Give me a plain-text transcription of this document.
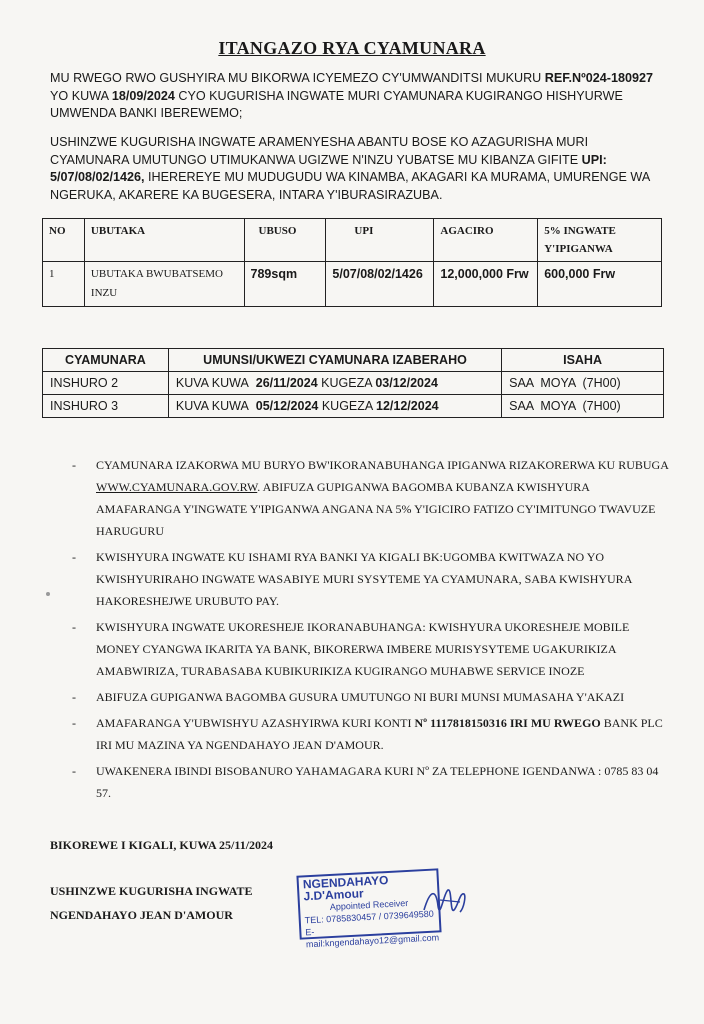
ITANGAZO RYA CYAMUNARA
MU RWEGO RWO GUSHYIRA MU BIKORWA ICYEMEZO CY'UMWANDITSI MUKURU REF.Nº024-180927 YO KUWA 18/09/2024 CYO KUGURISHA INGWATE MURI CYAMUNARA KUGIRANGO HISHYURWE UMWENDA BANKI IBEREWEMO;
USHINZWE KUGURISHA INGWATE ARAMENYESHA ABANTU BOSE KO AZAGURISHA MURI CYAMUNARA UMUTUNGO UTIMUKANWA UGIZWE N'INZU YUBATSE MU KIBANZA GIFITE UPI: 5/07/08/02/1426, IHEREREYE MU MUDUGUDU WA KINAMBA, AKAGARI KA MURAMA, UMURENGE WA NGERUKA, AKARERE KA BUGESERA, INTARA Y'IBURASIRAZUBA.
NO	UBUTAKA	UBUSO	UPI	AGACIRO	5% INGWATE Y'IPIGANWA
1	UBUTAKA BWUBATSEMO INZU	789sqm	5/07/08/02/1426	12,000,000 Frw	600,000 Frw
CYAMUNARA	UMUNSI/UKWEZI CYAMUNARA IZABERAHO	ISAHA
INSHURO 2	KUVA KUWA 26/11/2024 KUGEZA 03/12/2024	SAA  MOYA  (7H00)
INSHURO 3	KUVA KUWA 05/12/2024 KUGEZA 12/12/2024	SAA  MOYA  (7H00)
- CYAMUNARA IZAKORWA MU BURYO BW'IKORANABUHANGA IPIGANWA RIZAKORERWA KU RUBUGA WWW.CYAMUNARA.GOV.RW. ABIFUZA GUPIGANWA BAGOMBA KUBANZA KWISHYURA AMAFARANGA Y'INGWATE Y'IPIGANWA ANGANA NA 5% Y'IGICIRO FATIZO CY'IMITUNGO TWAVUZE HARUGURU
- KWISHYURA INGWATE KU ISHAMI RYA BANKI YA KIGALI BK:UGOMBA KWITWAZA NO YO KWISHYURIRAHO INGWATE WASABIYE MURI SYSYTEME YA CYAMUNARA, SABA KWISHYURA HAKORESHEJWE URUBUTO PAY.
- KWISHYURA INGWATE UKORESHEJE IKORANABUHANGA: KWISHYURA UKORESHEJE MOBILE MONEY CYANGWA IKARITA YA BANK, BIKORERWA IMBERE MURISYSYTEME UGAKURIKIZA AMABWIRIZA, TURABASABA KUBIKURIKIZA KUGIRANGO MUHABWE SERVICE INOZE
- ABIFUZA GUPIGANWA BAGOMBA GUSURA UMUTUNGO NI BURI MUNSI MUMASAHA Y'AKAZI
- AMAFARANGA Y'UBWISHYU AZASHYIRWA KURI KONTI Nº 1117818150316 IRI MU RWEGO BANK PLC IRI MU MAZINA YA NGENDAHAYO JEAN D'AMOUR.
- UWAKENERA IBINDI BISOBANURO YAHAMAGARA KURI Nº ZA TELEPHONE IGENDANWA : 0785 83 04 57.
BIKOREWE I KIGALI, KUWA 25/11/2024
USHINZWE KUGURISHA INGWATE
NGENDAHAYO JEAN D'AMOUR
NGENDAHAYO J.D'Amour
Appointed Receiver
TEL: 0785830457 / 0739649580
E-mail:kngendahayo12@gmail.com
